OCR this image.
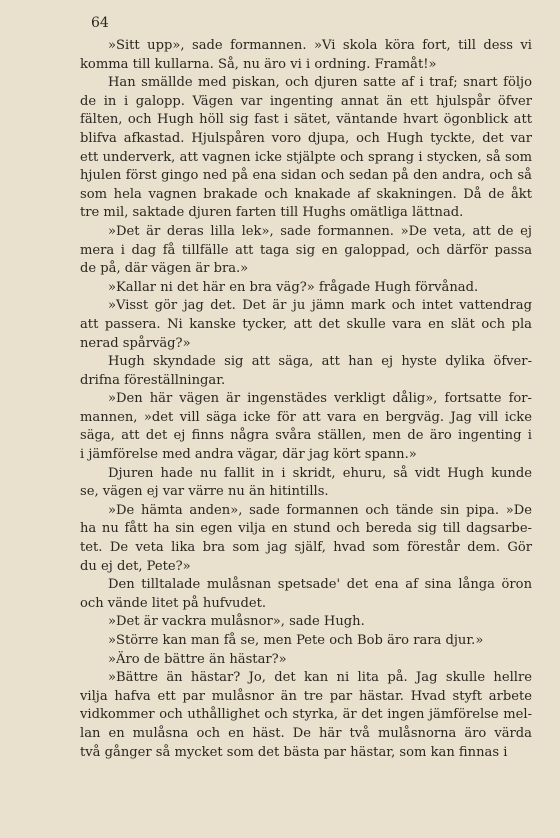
64

»Sitt upp», sade formannen. »Vi skola köra fort, till dess vi
komma till kullarna. Så, nu äro vi i ordning. Framåt!»

Han smällde med piskan, och djuren satte af i traf; snart följo
de in i galopp. Vägen var ingenting annat än ett hjulspår öfver
fälten, och Hugh höll sig fast i sätet, väntande hvart ögonblick att
blifva afkastad. Hjulspåren voro djupa, och Hugh tyckte, det var
ett underverk, att vagnen icke stjälpte och sprang i stycken, så som
hjulen först gingo ned på ena sidan och sedan på den andra, och så
som hela vagnen brakade och knakade af skakningen. Då de åkt
tre mil, saktade djuren farten till Hughs omätliga lättnad.

»Det är deras lilla lek», sade formannen. »De veta, att de ej
mera i dag få tillfälle att taga sig en galoppad, och därför passa
de på, där vägen är bra.»

»Kallar ni det här en bra väg?» frågade Hugh förvånad.

»Visst gör jag det. Det är ju jämn mark och intet vattendrag
att passera. Ni kanske tycker, att det skulle vara en slät och pla
nerad spårväg?»

Hugh skyndade sig att säga, att han ej hyste dylika öfver-
drifna föreställningar.

»Den här vägen är ingenstädes verkligt dålig», fortsatte for-
mannen, »det vill säga icke för att vara en bergväg. Jag vill icke
säga, att det ej finns några svåra ställen, men de äro ingenting i
i jämförelse med andra vägar, där jag kört spann.»

Djuren hade nu fallit in i skridt, ehuru, så vidt Hugh kunde
se, vägen ej var värre nu än hitintills.

»De hämta anden», sade formannen och tände sin pipa. »De
ha nu fått ha sin egen vilja en stund och bereda sig till dagsarbe-
tet. De veta lika bra som jag själf, hvad som förestår dem. Gör
du ej det, Pete?»

Den tilltalade mulåsnan spetsade' det ena af sina långa öron
och vände litet på hufvudet.

»Det är vackra mulåsnor», sade Hugh.

»Större kan man få se, men Pete och Bob äro rara djur.»

»Äro de bättre än hästar?»

»Bättre än hästar? Jo, det kan ni lita på. Jag skulle hellre
vilja hafva ett par mulåsnor än tre par hästar. Hvad styft arbete
vidkommer och uthållighet och styrka, är det ingen jämförelse mel-
lan en mulåsna och en häst. De här två mulåsnorna äro värda
två gånger så mycket som det bästa par hästar, som kan finnas i
